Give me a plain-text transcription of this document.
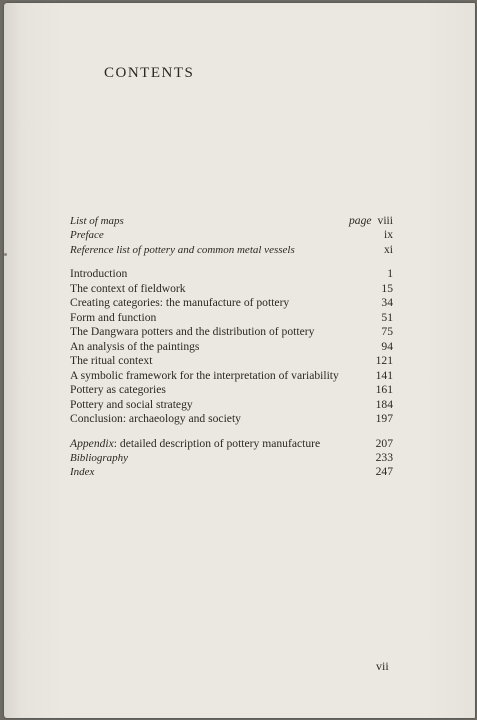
CONTENTS
List of maps	page viii
Preface	ix
Reference list of pottery and common metal vessels	xi
Introduction	1
The context of fieldwork	15
Creating categories: the manufacture of pottery	34
Form and function	51
The Dangwara potters and the distribution of pottery	75
An analysis of the paintings	94
The ritual context	121
A symbolic framework for the interpretation of variability	141
Pottery as categories	161
Pottery and social strategy	184
Conclusion: archaeology and society	197
Appendix: detailed description of pottery manufacture	207
Bibliography	233
Index	247
vii
